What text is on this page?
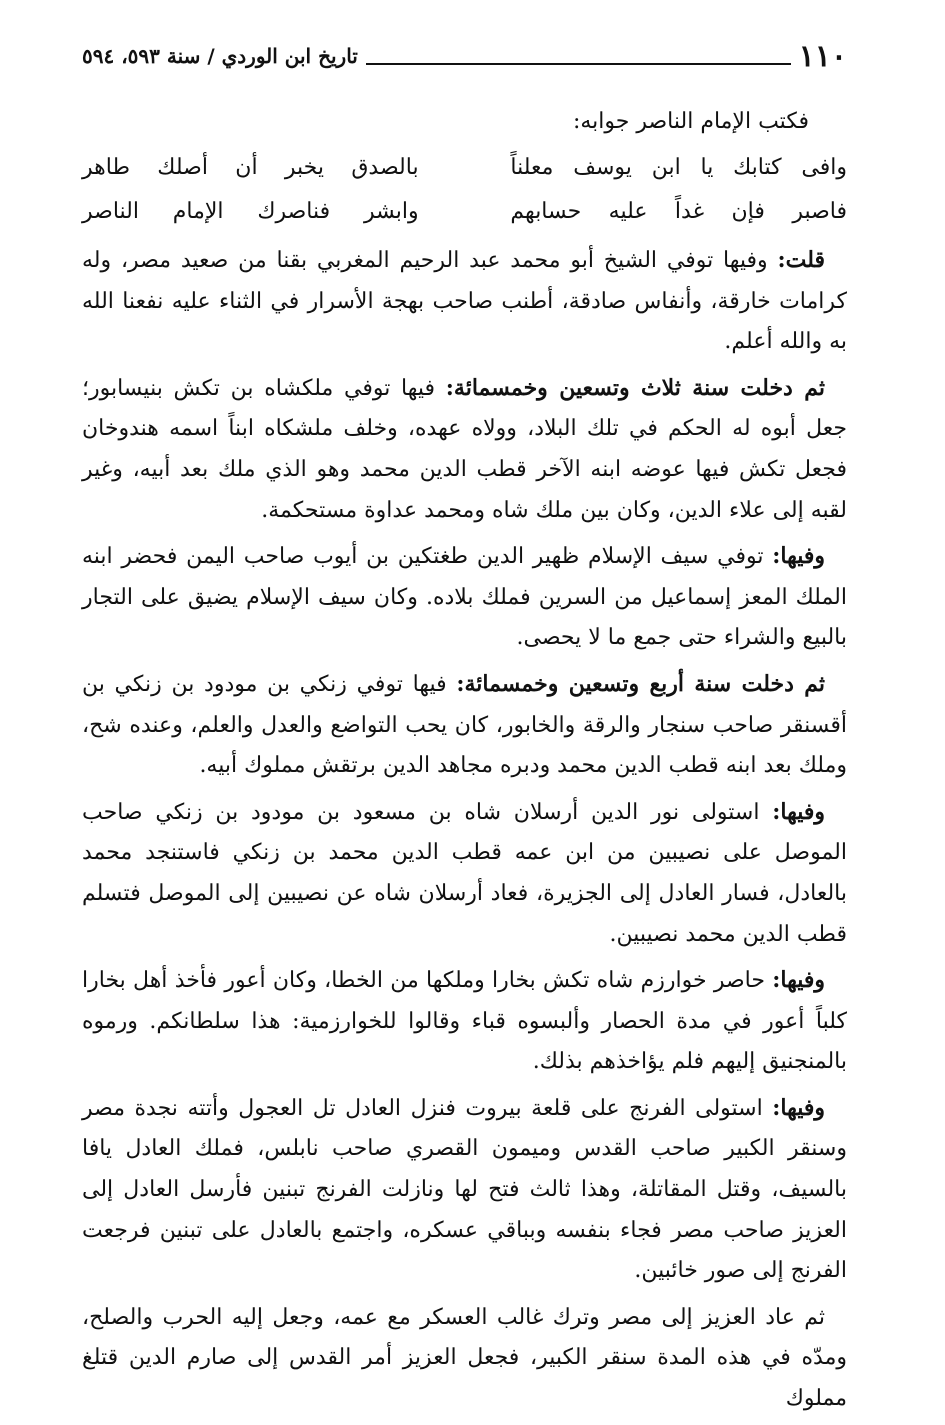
١١٠
تاريخ ابن الوردي / سنة ٥٩٣، ٥٩٤
فكتب الإمام الناصر جوابه:
وافى كتابك يا ابن يوسف معلناً
بالصدق يخبر أن أصلك طاهر
فاصبر فإن غداً عليه حسابهم
وابشر فناصرك الإمام الناصر

قلت: وفيها توفي الشيخ أبو محمد عبد الرحيم المغربي بقنا من صعيد مصر، وله كرامات خارقة، وأنفاس صادقة، أطنب صاحب بهجة الأسرار في الثناء عليه نفعنا الله به والله أعلم.

ثم دخلت سنة ثلاث وتسعين وخمسمائة: فيها توفي ملكشاه بن تكش بنيسابور؛ جعل أبوه له الحكم في تلك البلاد، وولاه عهده، وخلف ملشكاه ابناً اسمه هندوخان فجعل تكش فيها عوضه ابنه الآخر قطب الدين محمد وهو الذي ملك بعد أبيه، وغير لقبه إلى علاء الدين، وكان بين ملك شاه ومحمد عداوة مستحكمة.

وفيها: توفي سيف الإسلام ظهير الدين طغتكين بن أيوب صاحب اليمن فحضر ابنه الملك المعز إسماعيل من السرين فملك بلاده. وكان سيف الإسلام يضيق على التجار بالبيع والشراء حتى جمع ما لا يحصى.

ثم دخلت سنة أربع وتسعين وخمسمائة: فيها توفي زنكي بن مودود بن زنكي بن أقسنقر صاحب سنجار والرقة والخابور، كان يحب التواضع والعدل والعلم، وعنده شح، وملك بعد ابنه قطب الدين محمد ودبره مجاهد الدين برتقش مملوك أبيه.

وفيها: استولى نور الدين أرسلان شاه بن مسعود بن مودود بن زنكي صاحب الموصل على نصيبين من ابن عمه قطب الدين محمد بن زنكي فاستنجد محمد بالعادل، فسار العادل إلى الجزيرة، فعاد أرسلان شاه عن نصيبين إلى الموصل فتسلم قطب الدين محمد نصيبين.

وفيها: حاصر خوارزم شاه تكش بخارا وملكها من الخطا، وكان أعور فأخذ أهل بخارا كلباً أعور في مدة الحصار وألبسوه قباء وقالوا للخوارزمية: هذا سلطانكم. ورموه بالمنجنيق إليهم فلم يؤاخذهم بذلك.

وفيها: استولى الفرنج على قلعة بيروت فنزل العادل تل العجول وأتته نجدة مصر وسنقر الكبير صاحب القدس وميمون القصري صاحب نابلس، فملك العادل يافا بالسيف، وقتل المقاتلة، وهذا ثالث فتح لها ونازلت الفرنج تبنين فأرسل العادل إلى العزيز صاحب مصر فجاء بنفسه وبباقي عسكره، واجتمع بالعادل على تبنين فرجعت الفرنج إلى صور خائبين.

ثم عاد العزيز إلى مصر وترك غالب العسكر مع عمه، وجعل إليه الحرب والصلح، ومدّه في هذه المدة سنقر الكبير، فجعل العزيز أمر القدس إلى صارم الدين قتلغ مملوك
